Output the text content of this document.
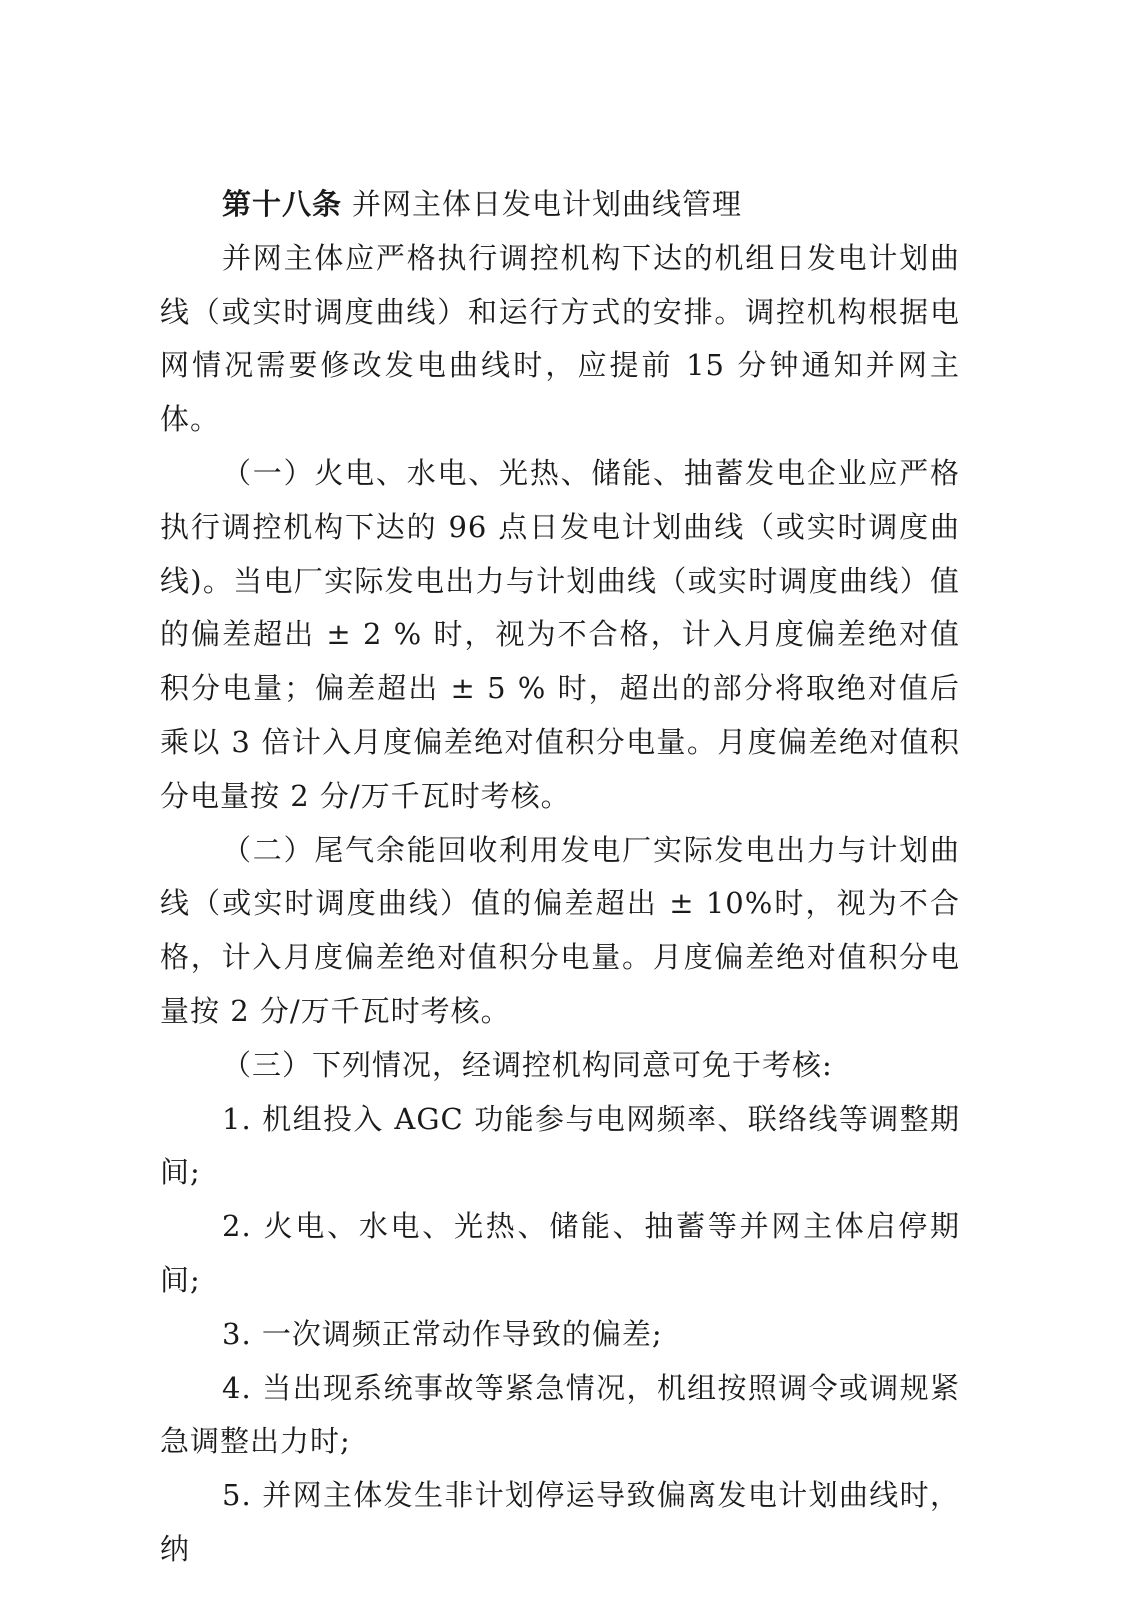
第十八条 并网主体日发电计划曲线管理

并网主体应严格执行调控机构下达的机组日发电计划曲线（或实时调度曲线）和运行方式的安排。调控机构根据电网情况需要修改发电曲线时，应提前 15 分钟通知并网主体。

（一）火电、水电、光热、储能、抽蓄发电企业应严格执行调控机构下达的 96 点日发电计划曲线（或实时调度曲线)。当电厂实际发电出力与计划曲线（或实时调度曲线）值的偏差超出 ± 2 % 时，视为不合格，计入月度偏差绝对值积分电量；偏差超出 ± 5 % 时，超出的部分将取绝对值后乘以 3 倍计入月度偏差绝对值积分电量。月度偏差绝对值积分电量按 2 分/万千瓦时考核。

（二）尾气余能回收利用发电厂实际发电出力与计划曲线（或实时调度曲线）值的偏差超出 ± 10%时，视为不合格，计入月度偏差绝对值积分电量。月度偏差绝对值积分电量按 2 分/万千瓦时考核。

（三）下列情况，经调控机构同意可免于考核:

1. 机组投入 AGC 功能参与电网频率、联络线等调整期间;

2. 火电、水电、光热、储能、抽蓄等并网主体启停期间;

3. 一次调频正常动作导致的偏差;

4. 当出现系统事故等紧急情况，机组按照调令或调规紧急调整出力时;

5. 并网主体发生非计划停运导致偏离发电计划曲线时，纳
